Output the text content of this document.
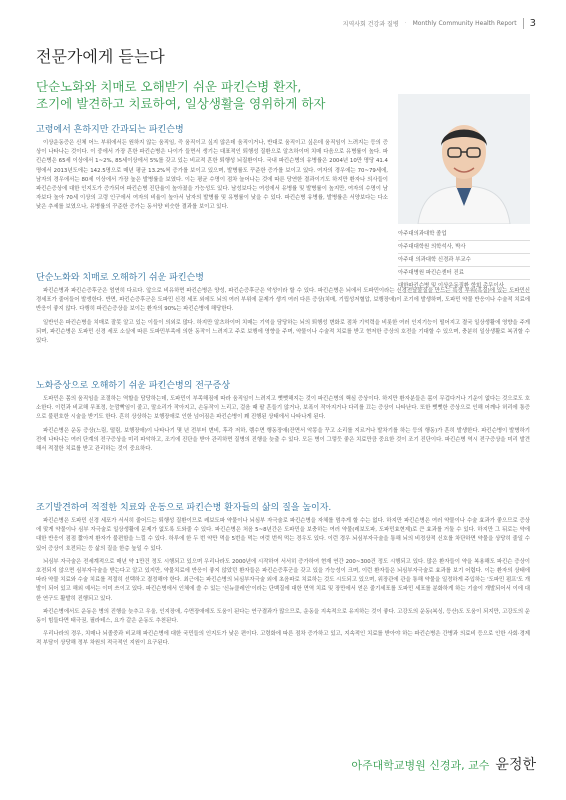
지역사회 건강과 질병 · Monthly Community Health Report	3
전문가에게 듣는다
단순노화와 치매로 오해받기 쉬운 파킨슨병 환자,
조기에 발견하고 치료하여, 일상생활을 영위하게 하자
아주대의과대학 졸업
아주대대학원 의학석사, 박사
아주대 의과대학 신경과 부교수
아주대병원 파킨슨센터 진료
대한파킨슨병 및 이상운동질환 학회 총무이사
고령에서 흔하지만 간과되는 파킨슨병
이상운동증은 신체 어느 부위에서든 원하지 않는 움직임, 즉 움직이고 싶지 않은데 움직이거나, 반대로 움직이고 싶은데 움직임이 느려지는 등의 증상이 나타나는 것이다. 이 중에서 가장 흔한 파킨슨병은 나이가 들면서 생기는 대표적인 퇴행성 질환으로 알츠하이머 치매 다음으로 유병률이 높다. 파킨슨병은 65세 이상에서 1~2%, 85세이상에서 5%를 갖고 있는 비교적 흔한 퇴행성 뇌질환이다. 국내 파킨슨병의 유병률은 2004년 10만 명당 41.4명에서 2013년도에는 142.5명으로 매년 평균 13.2%씩 증가를 보이고 있으며, 발병률도 꾸준한 증가를 보이고 있다. 여자의 경우에는 70~79세에, 남자의 경우에서는 80세 이상에서 가장 높은 발병률을 보였다. 이는 평균 수명이 점차 늘어나는 것에 따른 당연한 결과이기도 하지만 환자나 의사들이 파킨슨증상에 대한 인지도가 증가되어 파킨슨병 진단율이 높아졌을 가능성도 있다. 남성보다는 여성에서 유병률 및 발병률이 높지만, 여자의 수명이 남자보다 높아 70세 이상의 고령 인구에서 여자의 비율이 높아서 남자의 발병률 및 유병률이 낮을 수 있다. 파킨슨병 유병률, 발병률은 서양보다는 다소 낮은 추세를 보였으나, 유병률의 꾸준한 증가는 동서양 비슷한 결과를 보이고 있다.
단순노화와 치매로 오해하기 쉬운 파킨슨병
파킨슨병과 파킨슨증후군은 엄연히 다르다. 앞으로 비유하면 파킨슨병은 양성, 파킨슨증후군은 악성이라 할 수 있다. 파킨슨병은 뇌에서 도파민이라는 신경전달물질을 만드는 특정 부위(흑질)에 있는 도파민신경세포가 줄어들어 발생한다. 반면, 파킨슨증후군은 도파민 신경 세포 외에도 뇌의 여러 부위에 문제가 생겨 여러 다른 증상(치매, 기립성저혈압, 보행장애)이 조기에 발생하며, 도파민 약물 반응이나 수술적 치료에 반응이 좋지 않다. 다행히 파킨슨증상을 보이는 환자의 90%는 파킨슨병에 해당한다.
일반인은 파킨슨병을 치매로 잘못 알고 있는 이들이 의외로 많다. 하지만 알츠하이머 치매는 기억을 담당하는 뇌의 퇴행성 변화로 점차 기억력을 비롯한 여러 인지기능이 떨어지고 결국 일상생활에 영향을 주게 되며, 파킨슨병은 도파민 신경 세포 소실에 따른 도파민부족에 의한 동작이 느려지고 주로 보행에 영향을 주며, 약물이나 수술적 치료를 받고 현저한 증상의 호전을 기대할 수 있으며, 충분히 일상생활로 복귀할 수 있다.
노화증상으로 오해하기 쉬운 파킨슨병의 전구증상
도파민은 몸의 움직임을 조절하는 역할을 담당하는데, 도파민이 부족해짐에 따라 움직임이 느려지고 뻣뻣해지는 것이 파킨슨병의 핵심 증상이다. 하지만 환자분들은 몸이 무겁다거나 기운이 없다는 것으로도 호소한다. 이런과 비교해 무표정, 눈깜빡임이 줄고, 말소리가 작아지고, 손동작이 느리고, 걸음 때 팔 흔들기 않거나, 보폭이 작아지거나 다리를 끄는 증상이 나타난다. 또한 뻣뻣한 증상으로 인해 어깨나 허리에 통증으로 불편호한 시술을 받기도 한다. 흔히 상상하는 보행장애로 인한 넘어짐은 파킨슨병이 꽤 진행된 상태에서 나타나게 된다.
파킨슨병은 운동 증상(느림, 떨림, 보행장애)이 나타나기 몇 년 전부터 변비, 후각 저하, 렘수면 행동장애(잔면서 악몽을 꾸고 소리를 지르거나 발차기를 하는 등의 행동)가 흔히 발생한다. 파킨슨병이 발병하기 전에 나타나는 여러 단계의 전구증상을 미리 파악하고, 조기에 진단을 받아 관리하면 질병의 진행을 늦출 수 있다. 모든 병이 그렇듯 좋은 치료만큼 중요한 것이 조기 진단이다. 파킨슨병 역시 전구증상을 미리 발견해서 적절한 치료를 받고 관리하는 것이 중요하다.
조기발견하여 적절한 치료와 운동으로 파킨슨병 환자들의 삶의 질을 높이자.
파킨슨병은 도파민 신경 세포가 서서히 줄어드는 퇴행성 질환이므로 레보도파 약물이나 뇌심부 자극술로 파킨슨병을 자체를 멈추게 할 수는 없다. 하지만 파킨슨병은 여러 약물이나 수술 효과가 좋으므로 증상에 맞게 약물이나 심부 자극술로 일상생활에 문제가 없도록 도와줄 수 있다. 파킨슨병은 처음 5~8년간은 도파민을 보충하는 여러 약물(레보도파, 도파민효현제)로 큰 효과를 거둘 수 있다. 하지만 그 뒤로는 약에 대한 반응이 점점 짧아져 환자가 불편함을 느낄 수 있다. 하루에 한 두 번 약만 먹을 5번을 먹는 여럿 번씩 먹는 경우도 있다. 이런 경우 뇌심부자극술을 통해 뇌의 비정상적 신호를 차단하면 약물을 상당히 줄일 수 있어 증상이 호전되는 등 삶의 질을 한층 높일 수 있다.
뇌심부 자극술은 전세계적으로 매년 약 1만건 정도 시행되고 있으며 우리나라도 2000년에 시작하여 서서히 증가하여 현재 연간 200~300건 정도 시행되고 있다. 많은 환자들이 약을 복용해도 파킨슨 증상이 호전되지 않으면 심부자극술을 받는다고 알고 있지만, 약물치료에 반응이 좋지 않았던 환자들은 파킨슨증후군을 갖고 있을 가능성이 크며, 이런 환자들은 뇌심부자극술로 효과를 보기 어렵다. 이는 환자의 상태에 따라 약물 치료와 수술 치료를 적절히 선택하고 결정해야 한다. 최근에는 파킨슨병의 뇌심부자극술 외에 초음파로 치료하는 것도 시도되고 있으며, 위장관에 관을 통해 약물을 일정하게 주입하는 '도파민 펌프'도 개발이 되어 있고 해외 예서는 이미 쓰이고 있다. 파킨슨병에서 인체에 쓸 수 있는 '신뉴클레인'이라는 단백질에 대한 면역 치료 및 장만에서 얻은 줄기세포를 도파민 세포를 분화하게 하는 기술이 개발되어서 이에 대한 연구도 활발히 진행되고 있다.
파킨슨병에서도 운동은 병의 진행을 늦추고 우울, 인지장애, 수면장애에도 도움이 된다는 연구결과가 많으므로, 운동을 지속적으로 유지하는 것이 좋다. 고강도의 운동(복싱, 등산)도 도움이 되지만, 고강도의 운동이 힘들다면 태극권, 필라테스, 요가 같은 운동도 추천된다.
우리나라의 경우, 치매나 뇌졸중과 비교해 파킨슨병에 대한 국민들의 인지도가 낮은 편이다. 고령화에 따른 점차 증가하고 있고, 지속적인 치료를 받아야 하는 파킨슨병은 간병과 의료비 등으로 인한 사회·경제적 부담이 상당해 정부 차원의 적극적인 지원이 요구된다.
아주대학교병원 신경과, 교수 윤정한
